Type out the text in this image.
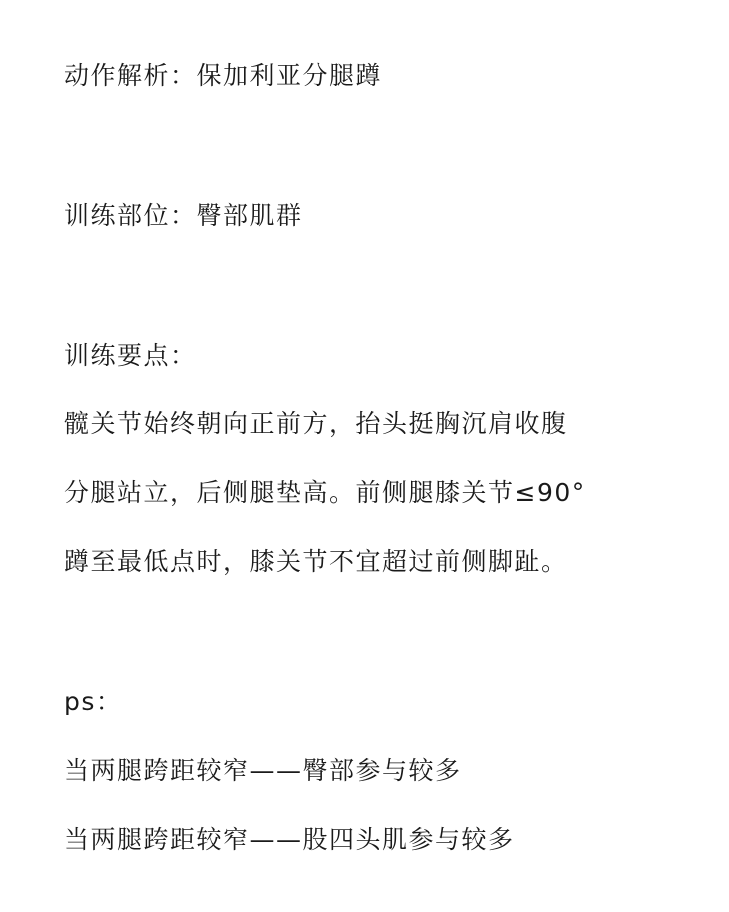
动作解析：保加利亚分腿蹲
训练部位：臀部肌群
训练要点：
髋关节始终朝向正前方，抬头挺胸沉肩收腹
分腿站立，后侧腿垫高。前侧腿膝关节≤90°
蹲至最低点时，膝关节不宜超过前侧脚趾。
ps：
当两腿跨距较窄——臀部参与较多
当两腿跨距较窄——股四头肌参与较多
